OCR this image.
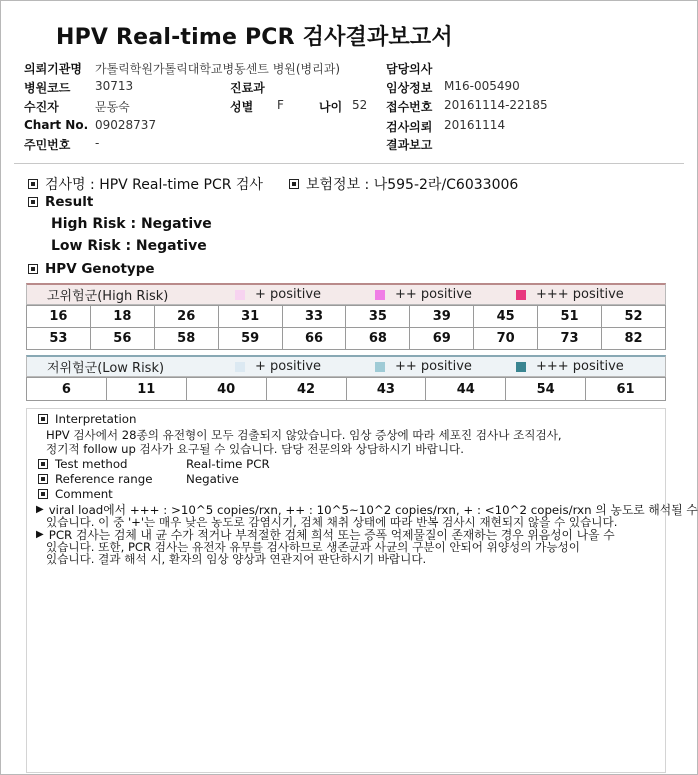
HPV Real-time PCR 검사결과보고서
의뢰기관명 가톨릭학원가톨릭대학교병동센트 병원(병리과)
병원코드 30713
수진자	문동숙
Chart No. 09028737
주민번호 -
진료과
성별 F	나이 52
담당의사
임상정보 M16-005490
접수번호 20161114-22185
검사의뢰 20161114
결과보고
검사명 : HPV Real-time PCR 검사	보험정보 : 나595-2라/C6033006
Result
High Risk : Negative
Low Risk : Negative
HPV Genotype
고위험군(High Risk)	+ positive	++ positive	+++ positive
16	18	26	31	33	35	39	45	51	52
53	56	58	59	66	68	69	70	73	82
저위험군(Low Risk)	+ positive	++ positive	+++ positive
6	11	40	42	43	44	54	61
Interpretation
HPV 검사에서 28종의 유전형이 모두 검출되지 않았습니다. 임상 증상에 따라 세포진 검사나 조직검사,
정기적 follow up 검사가 요구될 수 있습니다. 담당 전문의와 상담하시기 바랍니다.
Test method	Real-time PCR
Reference range	Negative
Comment
▶ viral load에서 +++ : >10^5 copies/rxn, ++ : 10^5~10^2 copies/rxn, + : <10^2 copeis/rxn 의 농도로 해석될 수
있습니다. 이 중 '+'는 매우 낮은 농도로 감염시기, 검체 채취 상태에 따라 반복 검사시 재현되지 않을 수 있습니다.
▶ PCR 검사는 검체 내 균 수가 적거나 부적절한 검체 희석 또는 증폭 억제물질이 존재하는 경우 위음성이 나올 수
있습니다. 또한, PCR 검사는 유전자 유무를 검사하므로 생존균과 사균의 구분이 안되어 위양성의 가능성이
있습니다. 결과 해석 시, 환자의 임상 양상과 연관지어 판단하시기 바랍니다.
